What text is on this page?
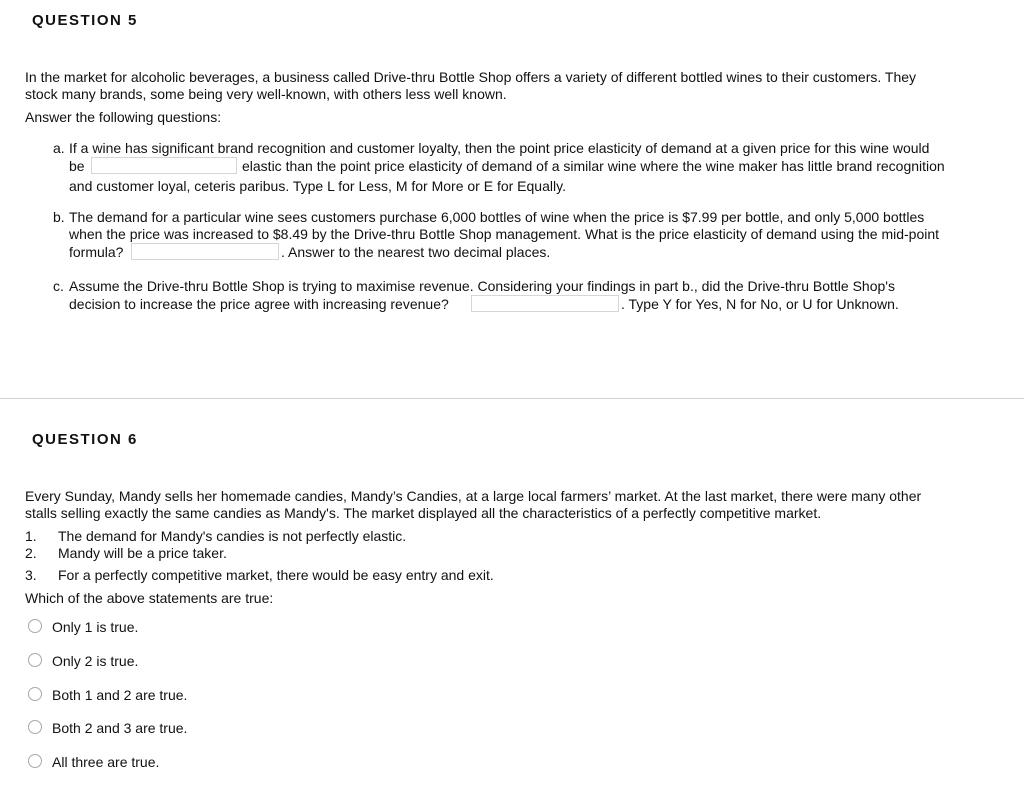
QUESTION 5

In the market for alcoholic beverages, a business called Drive-thru Bottle Shop offers a variety of different bottled wines to their customers. They
stock many brands, some being very well-known, with others less well known.

Answer the following questions:
a. If a wine has significant brand recognition and customer loyalty, then the point price elasticity of demand at a given price for this wine would
be	elastic than the point price elasticity of demand of a similar wine where the wine maker has little brand recognition
and customer loyal, ceteris paribus. Type L for Less, M for More or E for Equally.
b. The demand for a particular wine sees customers purchase 6,000 bottles of wine when the price is $7.99 per bottle, and only 5,000 bottles
when the price was increased to $8.49 by the Drive-thru Bottle Shop management. What is the price elasticity of demand using the mid-point
formula?	. Answer to the nearest two decimal places.
c. Assume the Drive-thru Bottle Shop is trying to maximise revenue. Considering your findings in part b., did the Drive-thru Bottle Shop's
decision to increase the price agree with increasing revenue?	. Type Y for Yes, N for No, or U for Unknown.
QUESTION 6

Every Sunday, Mandy sells her homemade candies, Mandy’s Candies, at a large local farmers’ market. At the last market, there were many other
stalls selling exactly the same candies as Mandy's. The market displayed all the characteristics of a perfectly competitive market.

1. The demand for Mandy's candies is not perfectly elastic.
2. Mandy will be a price taker.
3. For a perfectly competitive market, there would be easy entry and exit.
Which of the above statements are true:
Only 1 is true.
Only 2 is true.
Both 1 and 2 are true.
Both 2 and 3 are true.
All three are true.
